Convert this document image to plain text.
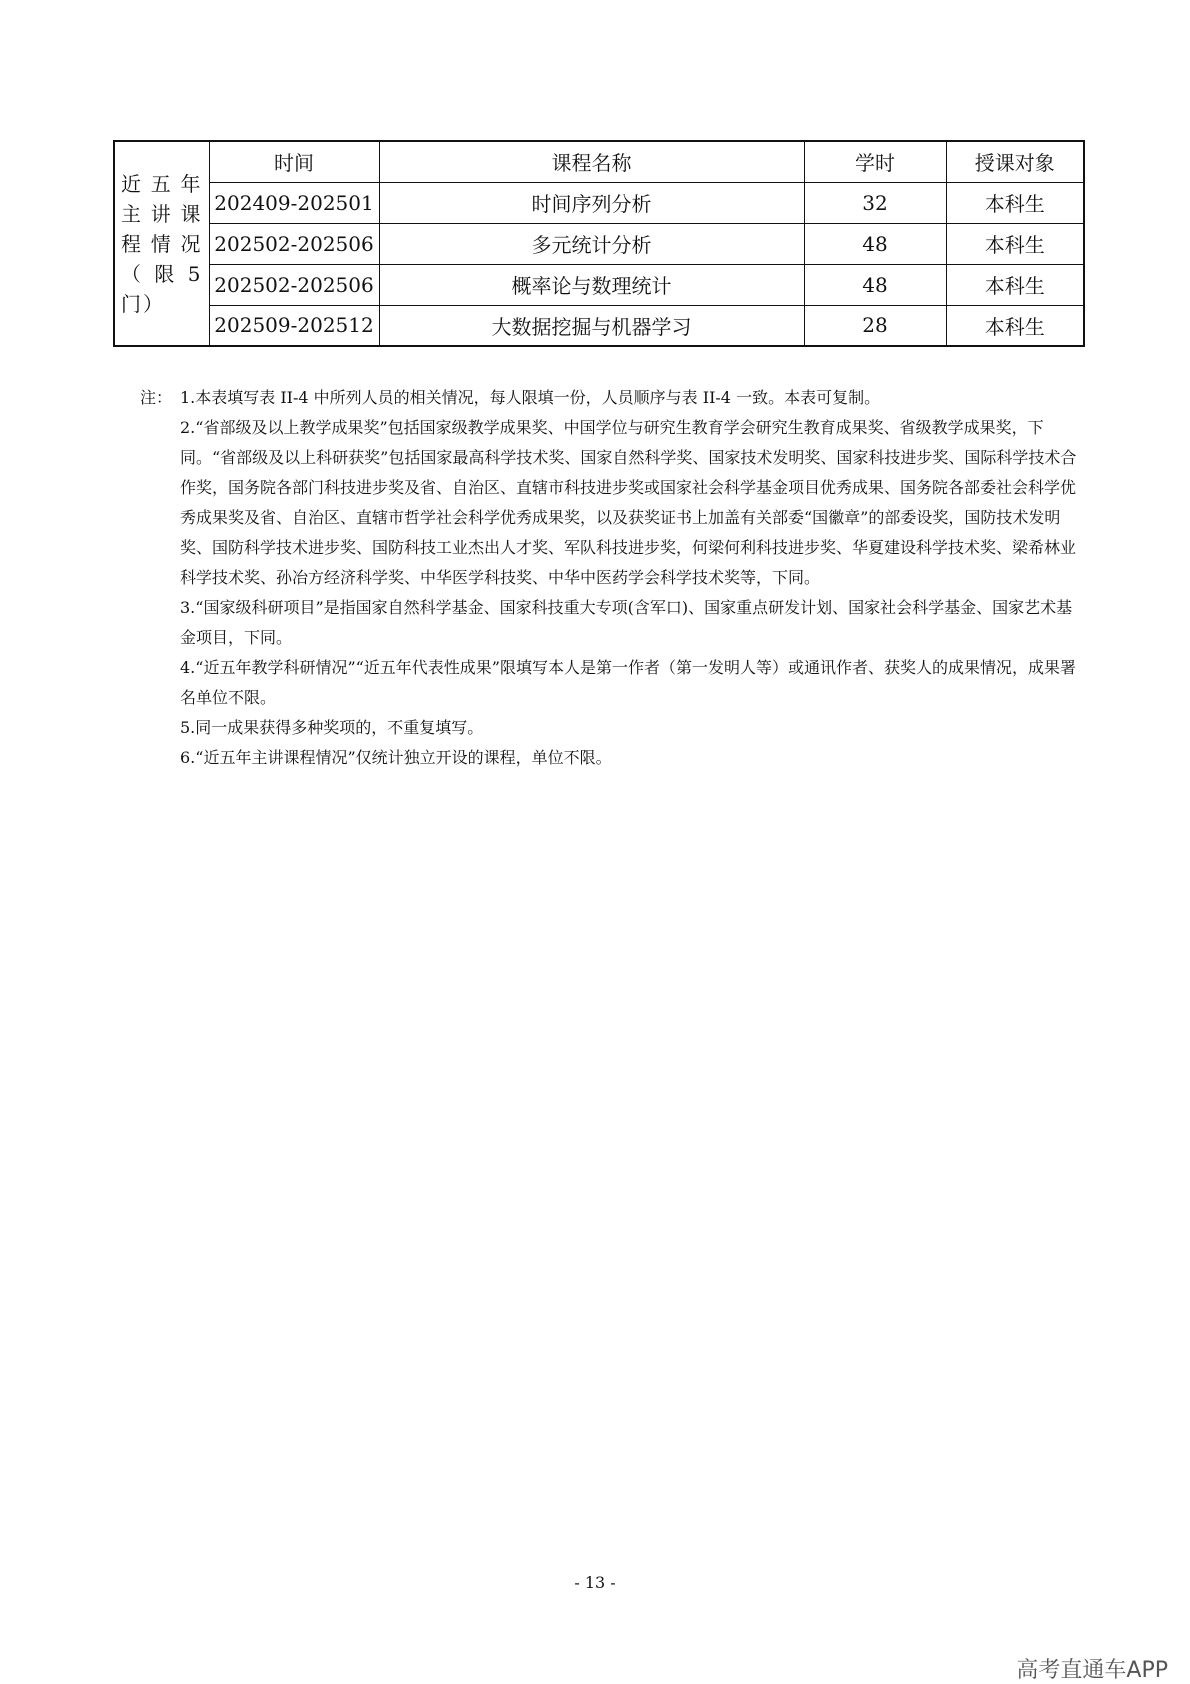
近五年主讲课程情况（限5门）	时间	课程名称	学时	授课对象
	202409-202501	时间序列分析	32	本科生
	202502-202506	多元统计分析	48	本科生
	202502-202506	概率论与数理统计	48	本科生
	202509-202512	大数据挖掘与机器学习	28	本科生

注： 1.本表填写表 II-4 中所列人员的相关情况，每人限填一份，人员顺序与表 II-4 一致。本表可复制。

2.“省部级及以上教学成果奖”包括国家级教学成果奖、中国学位与研究生教育学会研究生教育成果奖、省级教学成果奖，下同。“省部级及以上科研获奖”包括国家最高科学技术奖、国家自然科学奖、国家技术发明奖、国家科技进步奖、国际科学技术合作奖，国务院各部门科技进步奖及省、自治区、直辖市科技进步奖或国家社会科学基金项目优秀成果、国务院各部委社会科学优秀成果奖及省、自治区、直辖市哲学社会科学优秀成果奖，以及获奖证书上加盖有关部委“国徽章”的部委设奖，国防技术发明奖、国防科学技术进步奖、国防科技工业杰出人才奖、军队科技进步奖，何梁何利科技进步奖、华夏建设科学技术奖、梁希林业科学技术奖、孙冶方经济科学奖、中华医学科技奖、中华中医药学会科学技术奖等，下同。

3.“国家级科研项目”是指国家自然科学基金、国家科技重大专项(含军口)、国家重点研发计划、国家社会科学基金、国家艺术基金项目，下同。

4.“近五年教学科研情况”“近五年代表性成果”限填写本人是第一作者（第一发明人等）或通讯作者、获奖人的成果情况，成果署名单位不限。

5.同一成果获得多种奖项的，不重复填写。

6.“近五年主讲课程情况”仅统计独立开设的课程，单位不限。

- 13 -
高考直通车APP
